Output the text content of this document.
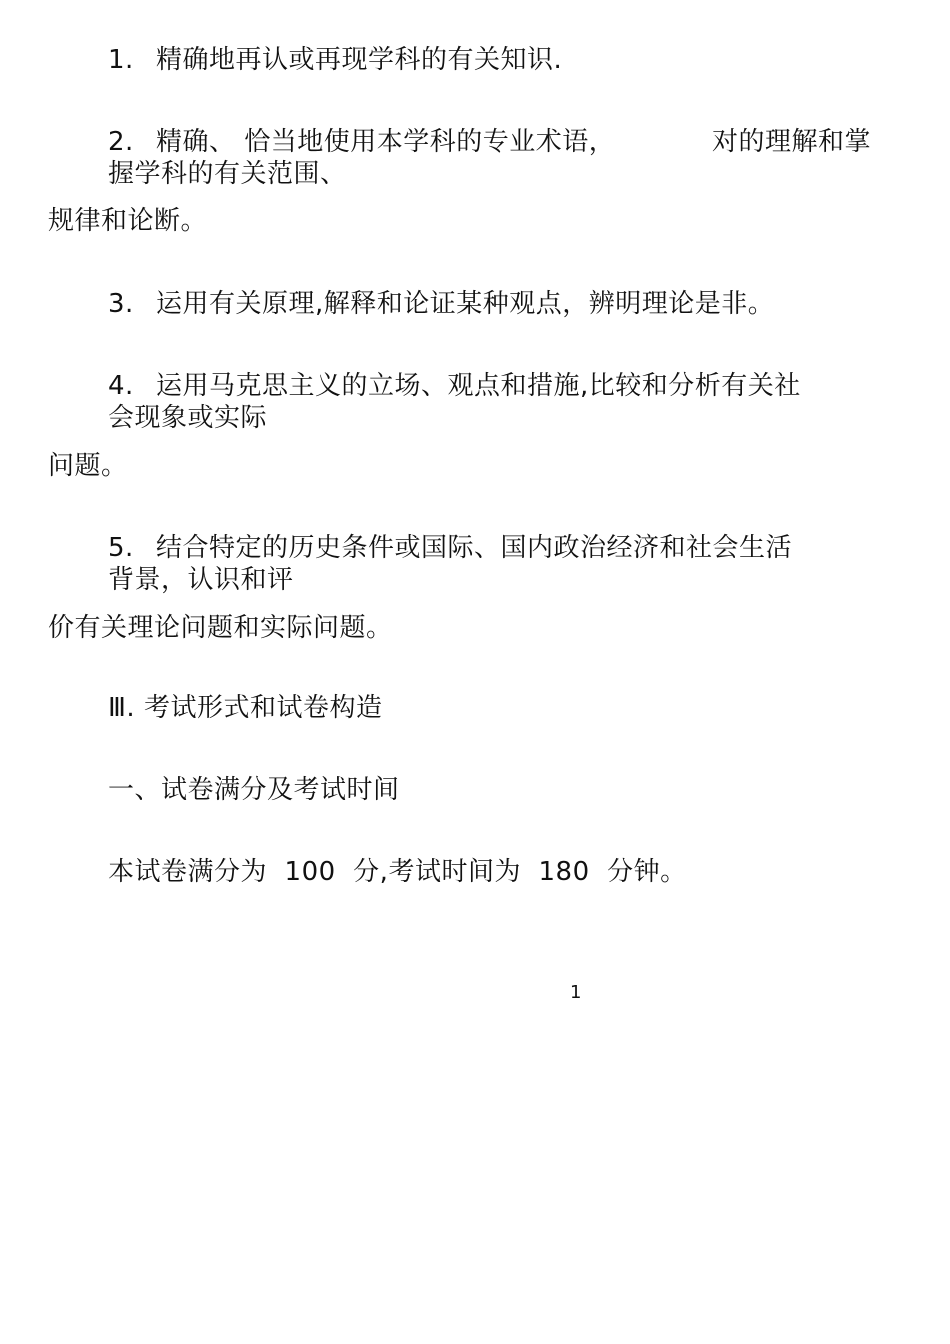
1. 精确地再认或再现学科的有关知识.
2. 精确、 恰当地使用本学科的专业术语，	对的理解和掌
握学科的有关范围、
规律和论断。
3. 运用有关原理,解释和论证某种观点，辨明理论是非。
4. 运用马克思主义的立场、观点和措施,比较和分析有关社
会现象或实际
问题。
5. 结合特定的历史条件或国际、国内政治经济和社会生活
背景，认识和评
价有关理论问题和实际问题。
Ⅲ. 考试形式和试卷构造
一、试卷满分及考试时间
本试卷满分为  100  分,考试时间为  180  分钟。
1
